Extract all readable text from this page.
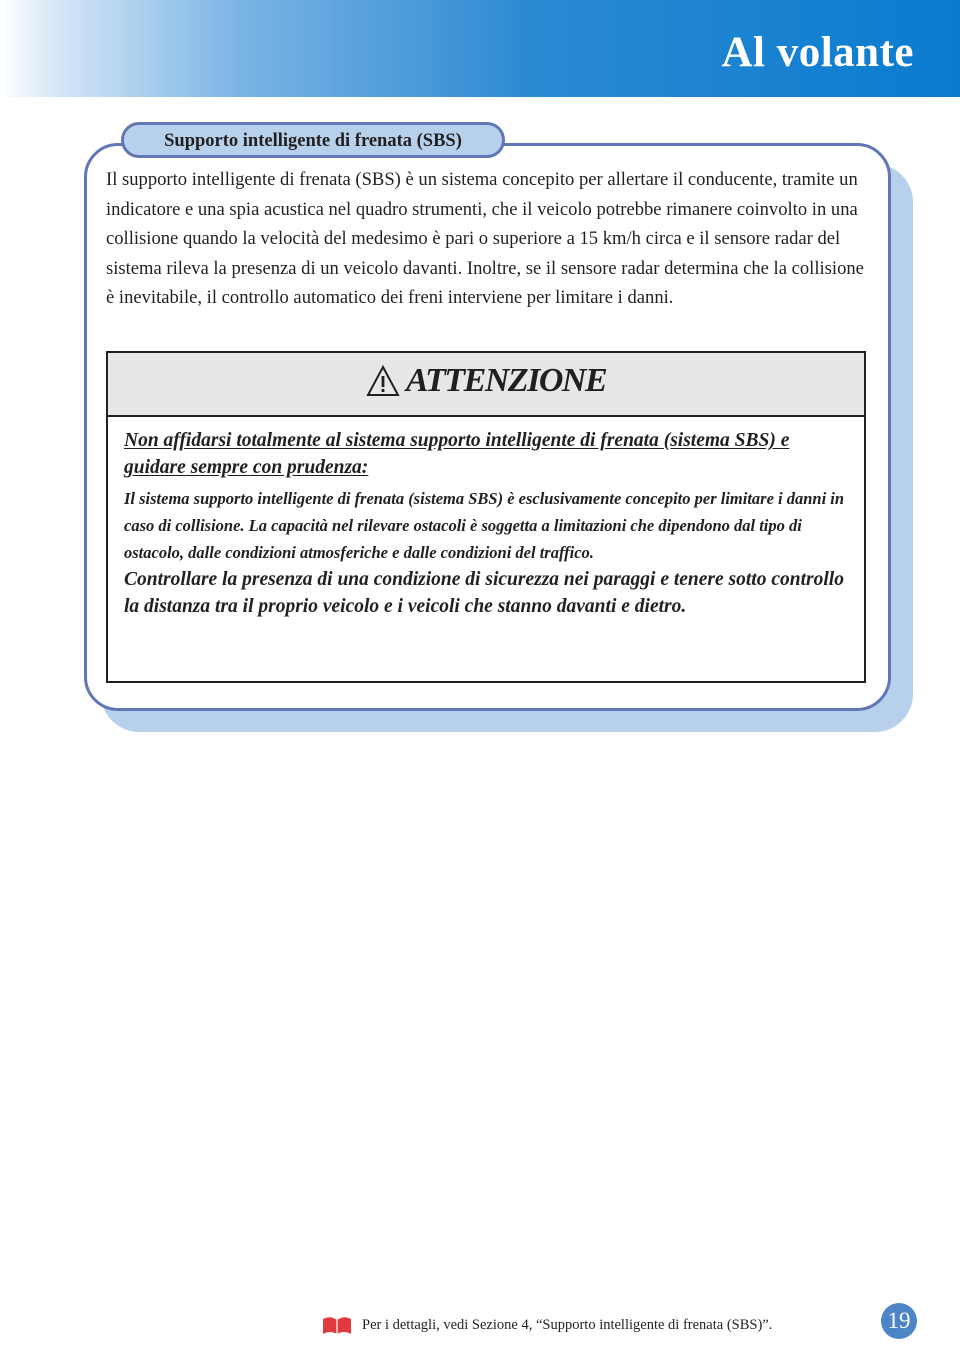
Al volante
Supporto intelligente di frenata (SBS)

Il supporto intelligente di frenata (SBS) è un sistema concepito per allertare il conducente, tramite un indicatore e una spia acustica nel quadro strumenti, che il veicolo potrebbe rimanere coinvolto in una collisione quando la velocità del medesimo è pari o superiore a 15 km/h circa e il sensore radar del sistema rileva la presenza di un veicolo davanti. Inoltre, se il sensore radar determina che la collisione è inevitabile, il controllo automatico dei freni interviene per limitare i danni.

ATTENZIONE

Non affidarsi totalmente al sistema supporto intelligente di frenata (sistema SBS) e guidare sempre con prudenza:

Il sistema supporto intelligente di frenata (sistema SBS) è esclusivamente concepito per limitare i danni in caso di collisione. La capacità nel rilevare ostacoli è soggetta a limitazioni che dipendono dal tipo di ostacolo, dalle condizioni atmosferiche e dalle condizioni del traffico.

Controllare la presenza di una condizione di sicurezza nei paraggi e tenere sotto controllo la distanza tra il proprio veicolo e i veicoli che stanno davanti e dietro.

Per i dettagli, vedi Sezione 4, “Supporto intelligente di frenata (SBS)”.	19
